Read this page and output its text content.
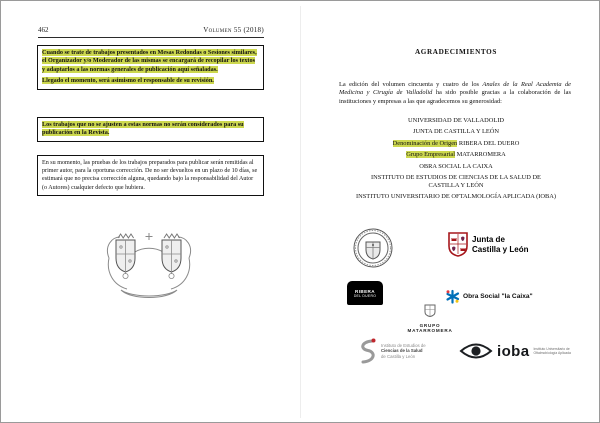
462	Volumen 55 (2018)

Cuando se trate de trabajos presentados en Mesas Redondas o Sesiones similares, el Organizador y/o Moderador de las mismas se encargará de recopilar los textos y adaptarlos a las normas generales de publicación aquí señaladas.

Llegado el momento, será asimismo el responsable de su revisión.

Los trabajos que no se ajusten a estas normas no serán considerados para su publicación en la Revista.
En su momento, las pruebas de los trabajos preparados para publicar serán remitidas al primer autor, para la oportuna corrección. De no ser devueltos en un plazo de 10 días, se estimará que no precisa corrección alguna, quedando bajo la responsabilidad del Autor (o Autores) cualquier defecto que hubiera.
AGRADECIMIENTOS
La edición del volumen cincuenta y cuatro de los Anales de la Real Academia de Medicina y Cirugía de Valladolid ha sido posible gracias a la colaboración de las instituciones y empresas a las que agradecemos su generosidad:
UNIVERSIDAD DE VALLADOLID
JUNTA DE CASTILLA Y LEÓN
Denominación de Origen RIBERA DEL DUERO
Grupo Empresarial MATARROMERA
OBRA SOCIAL LA CAIXA
INSTITUTO DE ESTUDIOS DE CIENCIAS DE LA SALUD DE CASTILLA Y LEÓN
INSTITUTO UNIVERSITARIO DE OFTALMOLOGÍA APLICADA (IOBA)
Junta de
Castilla y León
RIBERA
DEL DUERO	Obra Social "la Caixa"
GRUPO MATARROMERA
Instituto de Estudios de
Ciencias de la Salud
de Castilla y León	ioba Instituto Universitario de
Oftalmobiología Aplicada
